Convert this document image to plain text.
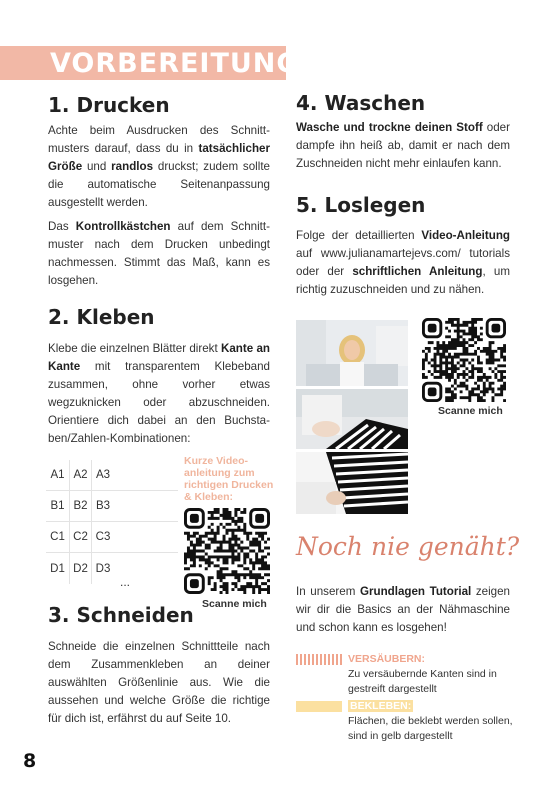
VORBEREITUNG
1. Drucken
Achte beim Ausdrucken des Schnittmusters darauf, dass du in tatsächlicher Größe und randlos druckst; zudem sollte die automatische Seitenanpassung ausgestellt werden.
Das Kontrollkästchen auf dem Schnittmuster nach dem Drucken unbedingt nachmessen. Stimmt das Maß, kann es losgehen.
2. Kleben
Klebe die einzelnen Blätter direkt Kante an Kante mit transparentem Klebeband zusammen, ohne vorher etwas wegzuknicken oder abzuschneiden. Orientiere dich dabei an den Buchstaben/Zahlen-Kombinationen:
A1 A2 A3
B1 B2 B3
C1 C2 C3
D1 D2 D3
...
Kurze Videoanleitung zum richtigen Drucken & Kleben:
Scanne mich
3. Schneiden
Schneide die einzelnen Schnittteile nach dem Zusammenkleben an deiner auswählten Größenlinie aus. Wie die aussehen und welche Größe die richtige für dich ist, erfährst du auf Seite 10.
4. Waschen
Wasche und trockne deinen Stoff oder dampfe ihn heiß ab, damit er nach dem Zuschneiden nicht mehr einlaufen kann.
5. Loslegen
Folge der detaillierten Video-Anleitung auf www.julianamartejevs.com/ tutorials oder der schriftlichen Anleitung, um richtig zuzuschneiden und zu nähen.
Scanne mich
Noch nie genäht?
In unserem Grundlagen Tutorial zeigen wir dir die Basics an der Nähmaschine und schon kann es losgehen!
VERSÄUBERN:
Zu versäubernde Kanten sind in gestreift dargestellt
BEKLEBEN:
Flächen, die beklebt werden sollen, sind in gelb dargestellt
8
